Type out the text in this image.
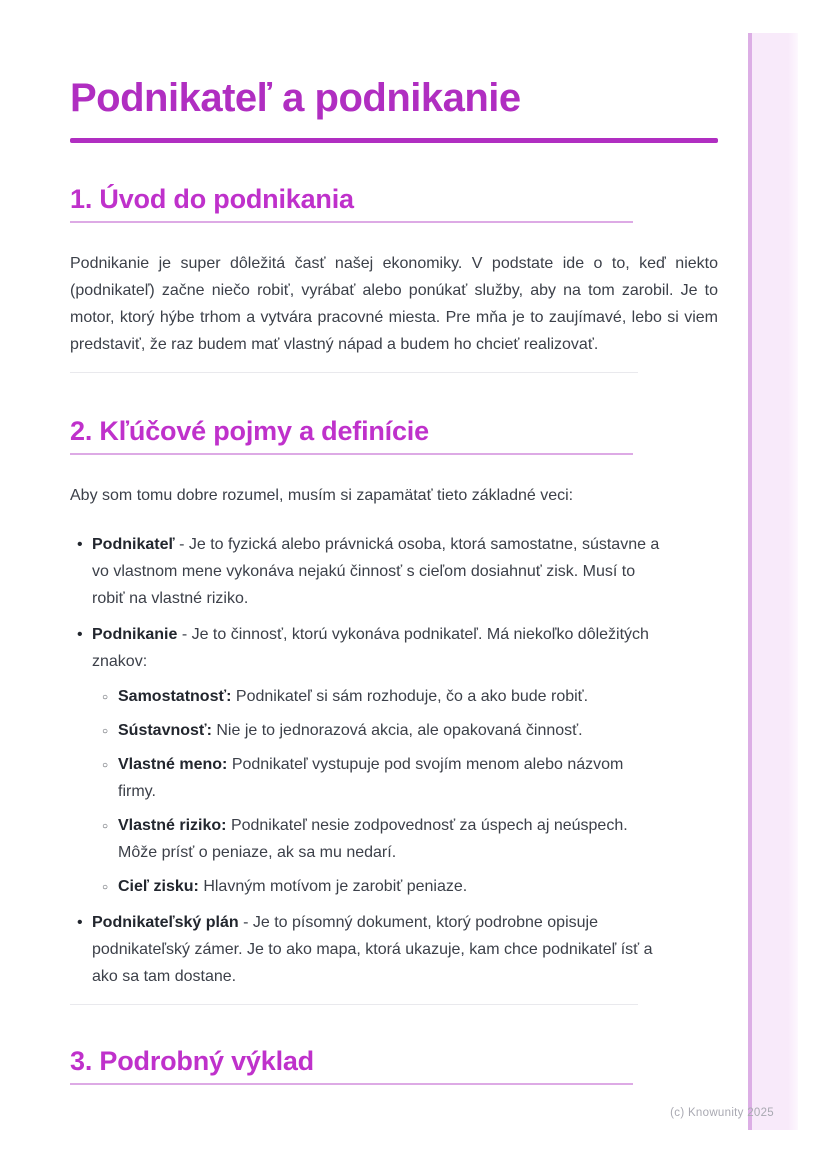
Podnikateľ a podnikanie
1. Úvod do podnikania

Podnikanie je super dôležitá časť našej ekonomiky. V podstate ide o to, keď niekto (podnikateľ) začne niečo robiť, vyrábať alebo ponúkať služby, aby na tom zarobil. Je to motor, ktorý hýbe trhom a vytvára pracovné miesta. Pre mňa je to zaujímavé, lebo si viem predstaviť, že raz budem mať vlastný nápad a budem ho chcieť realizovať.

2. Kľúčové pojmy a definície

Aby som tomu dobre rozumel, musím si zapamätať tieto základné veci:

• Podnikateľ - Je to fyzická alebo právnická osoba, ktorá samostatne, sústavne a vo vlastnom mene vykonáva nejakú činnosť s cieľom dosiahnuť zisk. Musí to robiť na vlastné riziko.
• Podnikanie - Je to činnosť, ktorú vykonáva podnikateľ. Má niekoľko dôležitých znakov:
○ Samostatnosť: Podnikateľ si sám rozhoduje, čo a ako bude robiť.
○ Sústavnosť: Nie je to jednorazová akcia, ale opakovaná činnosť.
○ Vlastné meno: Podnikateľ vystupuje pod svojím menom alebo názvom firmy.
○ Vlastné riziko: Podnikateľ nesie zodpovednosť za úspech aj neúspech. Môže prísť o peniaze, ak sa mu nedarí.
○ Cieľ zisku: Hlavným motívom je zarobiť peniaze.
• Podnikateľský plán - Je to písomný dokument, ktorý podrobne opisuje podnikateľský zámer. Je to ako mapa, ktorá ukazuje, kam chce podnikateľ ísť a ako sa tam dostane.
3. Podrobný výklad
(c) Knowunity 2025
